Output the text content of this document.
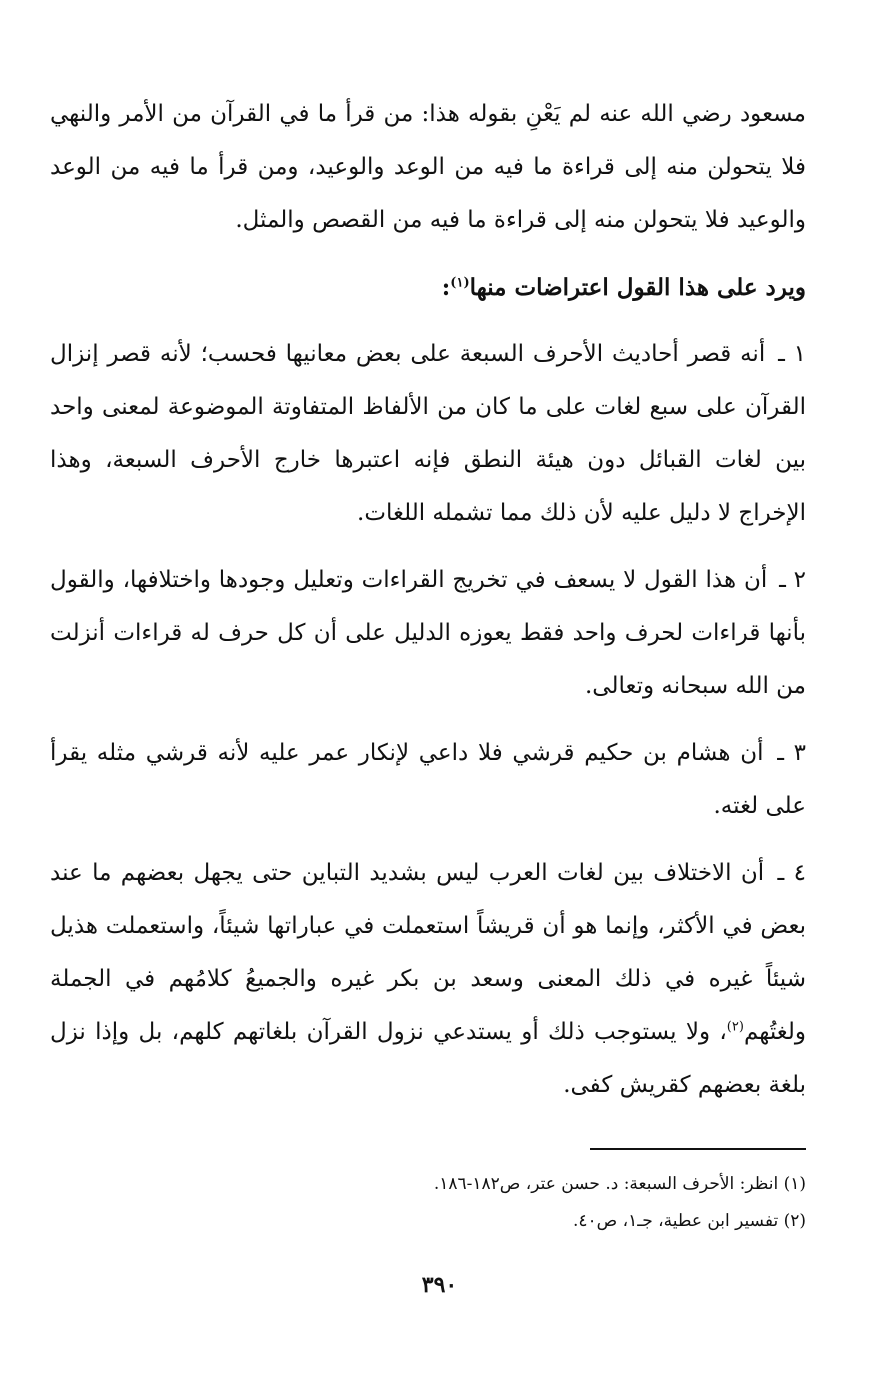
مسعود رضي الله عنه لم يَعْنِ بقوله هذا: من قرأ ما في القرآن من الأمر والنهي فلا يتحولن منه إلى قراءة ما فيه من الوعد والوعيد، ومن قرأ ما فيه من الوعد والوعيد فلا يتحولن منه إلى قراءة ما فيه من القصص والمثل.

ويرد على هذا القول اعتراضات منها$^{(١)}$:

١ ـ أنه قصر أحاديث الأحرف السبعة على بعض معانيها فحسب؛ لأنه قصر إنزال القرآن على سبع لغات على ما كان من الألفاظ المتفاوتة الموضوعة لمعنى واحد بين لغات القبائل دون هيئة النطق فإنه اعتبرها خارج الأحرف السبعة، وهذا الإخراج لا دليل عليه لأن ذلك مما تشمله اللغات.

٢ ـ أن هذا القول لا يسعف في تخريج القراءات وتعليل وجودها واختلافها، والقول بأنها قراءات لحرف واحد فقط يعوزه الدليل على أن كل حرف له قراءات أنزلت من الله سبحانه وتعالى.

٣ ـ أن هشام بن حكيم قرشي فلا داعي لإنكار عمر عليه لأنه قرشي مثله يقرأ على لغته.

٤ ـ أن الاختلاف بين لغات العرب ليس بشديد التباين حتى يجهل بعضهم ما عند بعض في الأكثر، وإنما هو أن قريشاً استعملت في عباراتها شيئاً، واستعملت هذيل شيئاً غيره في ذلك المعنى وسعد بن بكر غيره والجميعُ كلامُهم في الجملة ولغتُهم$^{(٢)}$، ولا يستوجب ذلك أو يستدعي نزول القرآن بلغاتهم كلهم، بل وإذا نزل بلغة بعضهم كقريش كفى.

(١) انظر: الأحرف السبعة: د. حسن عتر، ص١٨٢-١٨٦.

(٢) تفسير ابن عطية، جـ١، ص٤٠.

٣٩٠
